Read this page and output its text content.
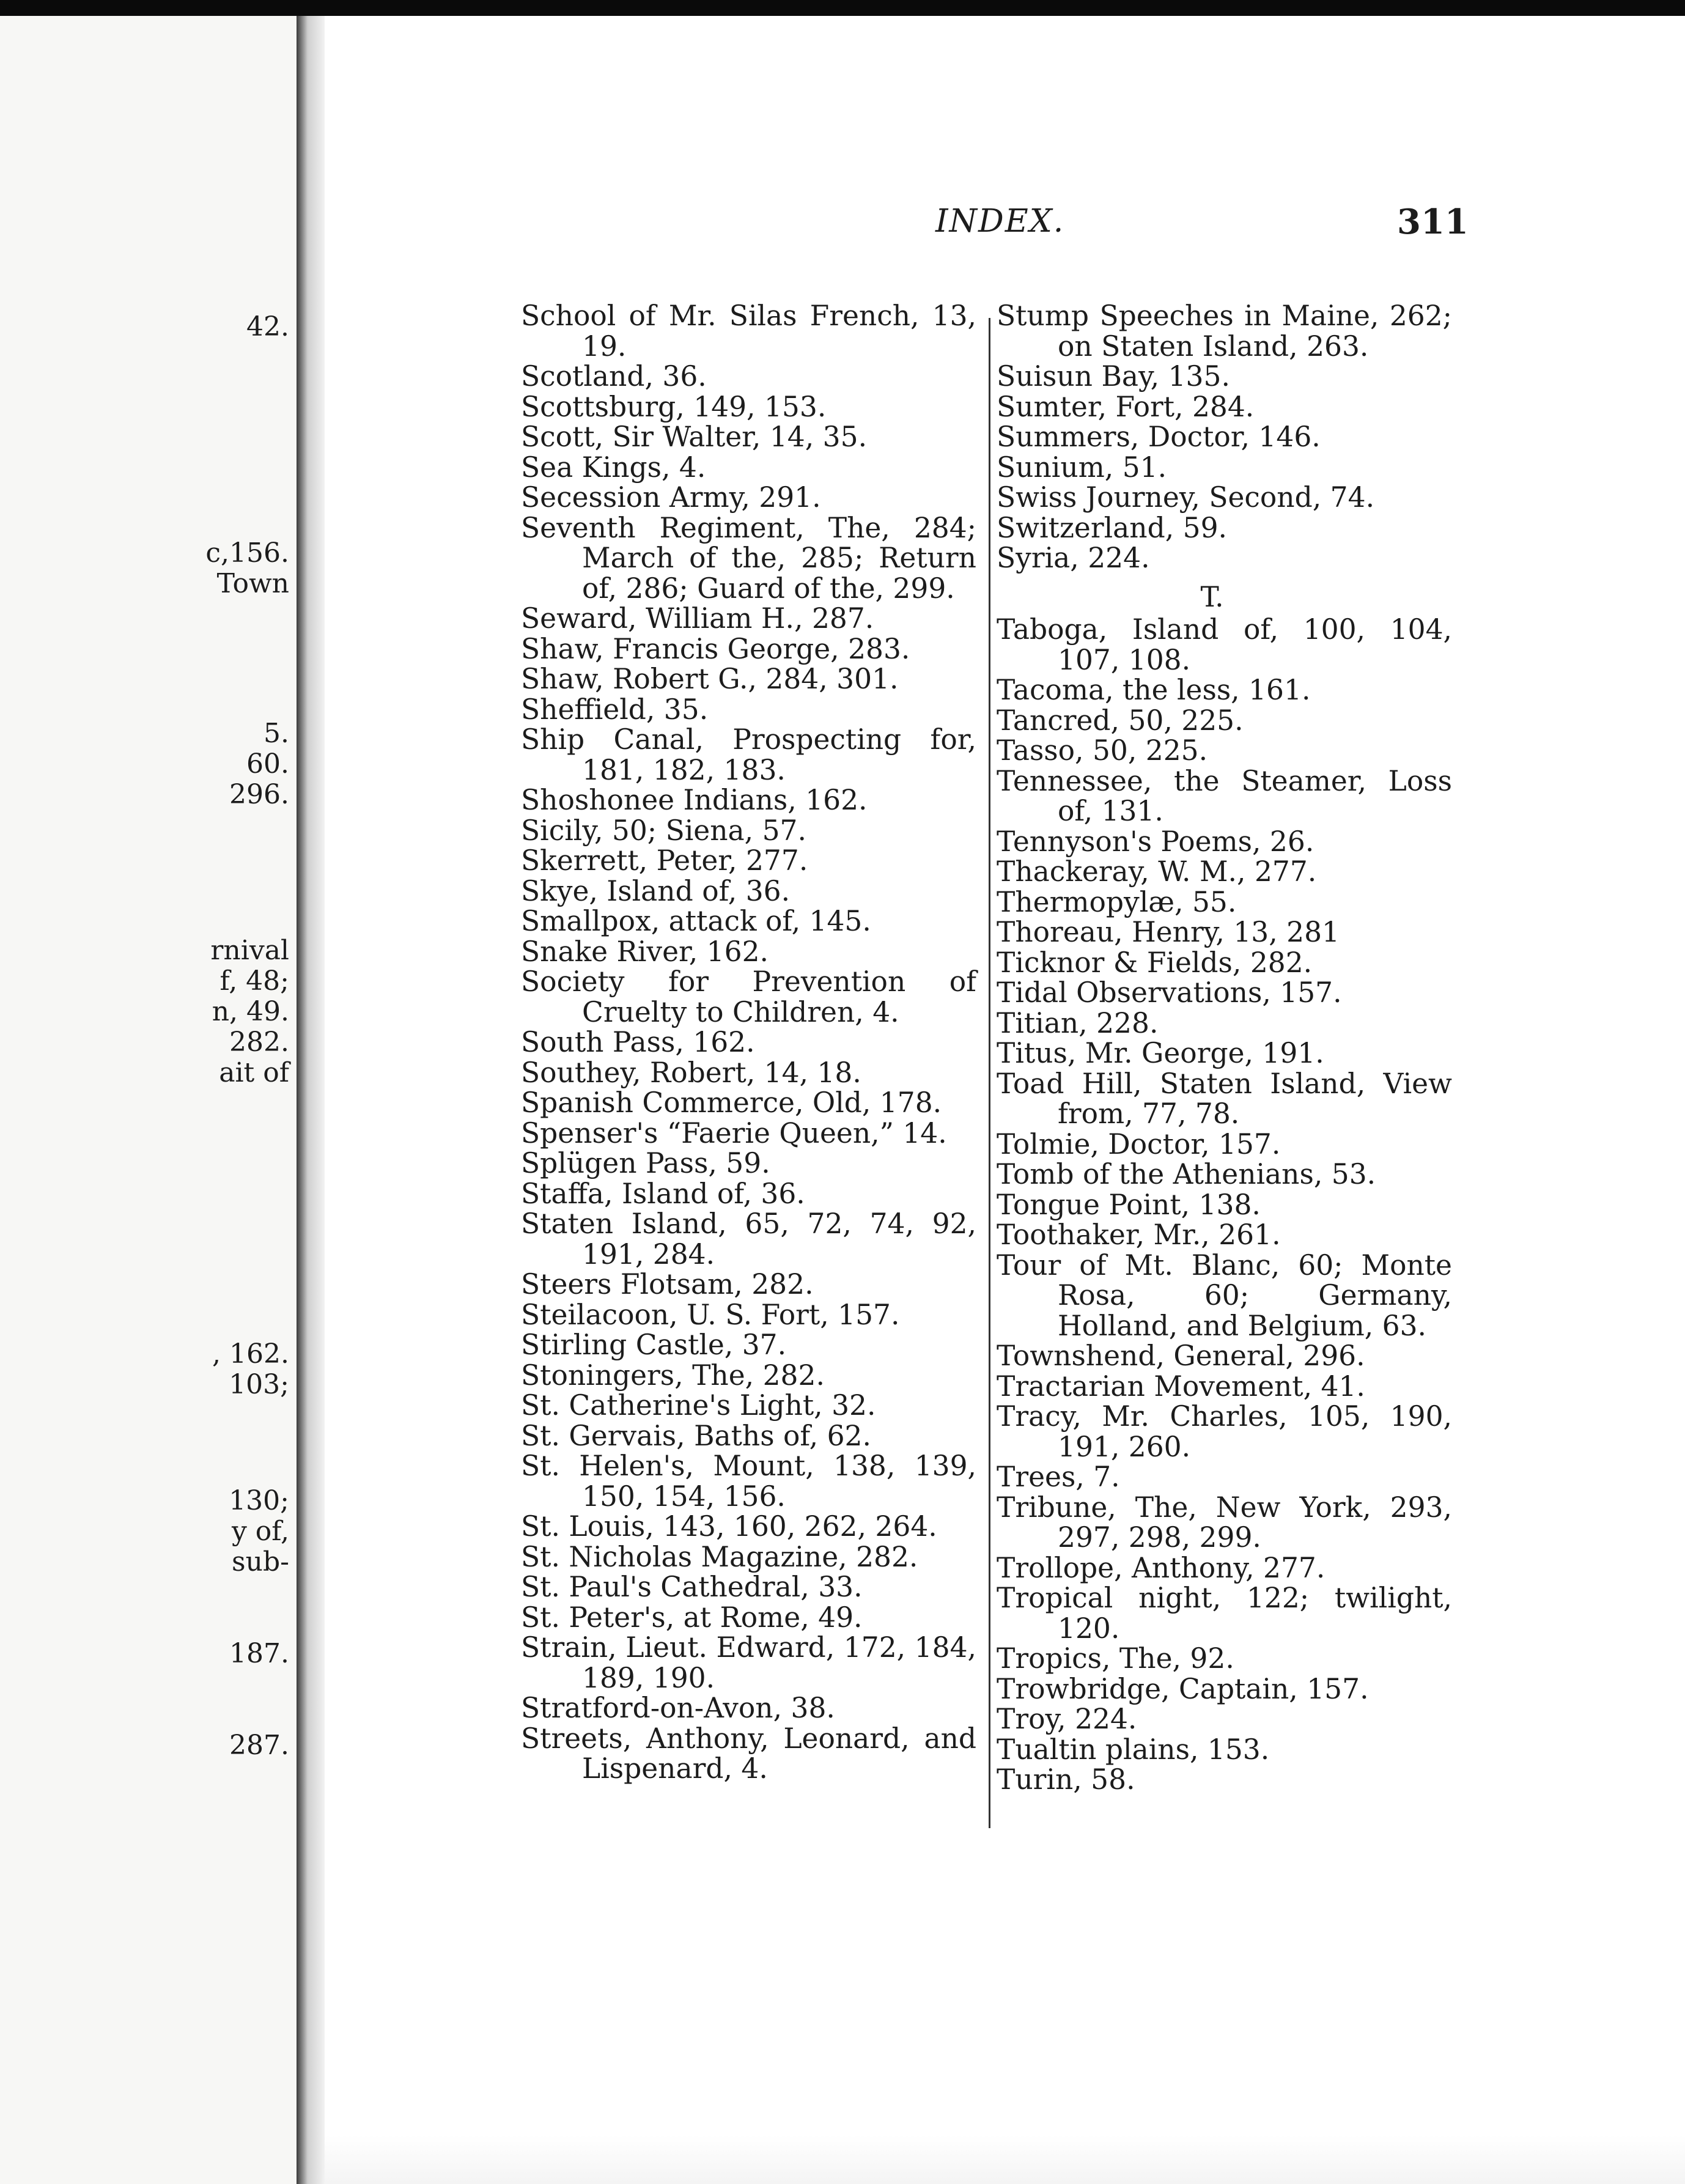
42.
c,156.
Town
5.
60.
296.
rnival
f, 48;
n, 49.
282.
ait of
, 162.
103;
130;
y of,
sub-
187.
287.
INDEX.	311
School of Mr. Silas French, 13, 19.
Scotland, 36.
Scottsburg, 149, 153.
Scott, Sir Walter, 14, 35.
Sea Kings, 4.
Secession Army, 291.
Seventh Regiment, The, 284; March of the, 285; Return of, 286; Guard of the, 299.
Seward, William H., 287.
Shaw, Francis George, 283.
Shaw, Robert G., 284, 301.
Sheffield, 35.
Ship Canal, Prospecting for, 181, 182, 183.
Shoshonee Indians, 162.
Sicily, 50; Siena, 57.
Skerrett, Peter, 277.
Skye, Island of, 36.
Smallpox, attack of, 145.
Snake River, 162.
Society for Prevention of Cruelty to Children, 4.
South Pass, 162.
Southey, Robert, 14, 18.
Spanish Commerce, Old, 178.
Spenser's “Faerie Queen,” 14.
Splügen Pass, 59.
Staffa, Island of, 36.
Staten Island, 65, 72, 74, 92, 191, 284.
Steers Flotsam, 282.
Steilacoon, U. S. Fort, 157.
Stirling Castle, 37.
Stoningers, The, 282.
St. Catherine's Light, 32.
St. Gervais, Baths of, 62.
St. Helen's, Mount, 138, 139, 150, 154, 156.
St. Louis, 143, 160, 262, 264.
St. Nicholas Magazine, 282.
St. Paul's Cathedral, 33.
St. Peter's, at Rome, 49.
Strain, Lieut. Edward, 172, 184, 189, 190.
Stratford-on-Avon, 38.
Streets, Anthony, Leonard, and Lispenard, 4.
Stump Speeches in Maine, 262; on Staten Island, 263.
Suisun Bay, 135.
Sumter, Fort, 284.
Summers, Doctor, 146.
Sunium, 51.
Swiss Journey, Second, 74.
Switzerland, 59.
Syria, 224.
T.
Taboga, Island of, 100, 104, 107, 108.
Tacoma, the less, 161.
Tancred, 50, 225.
Tasso, 50, 225.
Tennessee, the Steamer, Loss of, 131.
Tennyson's Poems, 26.
Thackeray, W. M., 277.
Thermopylæ, 55.
Thoreau, Henry, 13, 281
Ticknor & Fields, 282.
Tidal Observations, 157.
Titian, 228.
Titus, Mr. George, 191.
Toad Hill, Staten Island, View from, 77, 78.
Tolmie, Doctor, 157.
Tomb of the Athenians, 53.
Tongue Point, 138.
Toothaker, Mr., 261.
Tour of Mt. Blanc, 60; Monte Rosa, 60; Germany, Holland, and Belgium, 63.
Townshend, General, 296.
Tractarian Movement, 41.
Tracy, Mr. Charles, 105, 190, 191, 260.
Trees, 7.
Tribune, The, New York, 293, 297, 298, 299.
Trollope, Anthony, 277.
Tropical night, 122; twilight, 120.
Tropics, The, 92.
Trowbridge, Captain, 157.
Troy, 224.
Tualtin plains, 153.
Turin, 58.
